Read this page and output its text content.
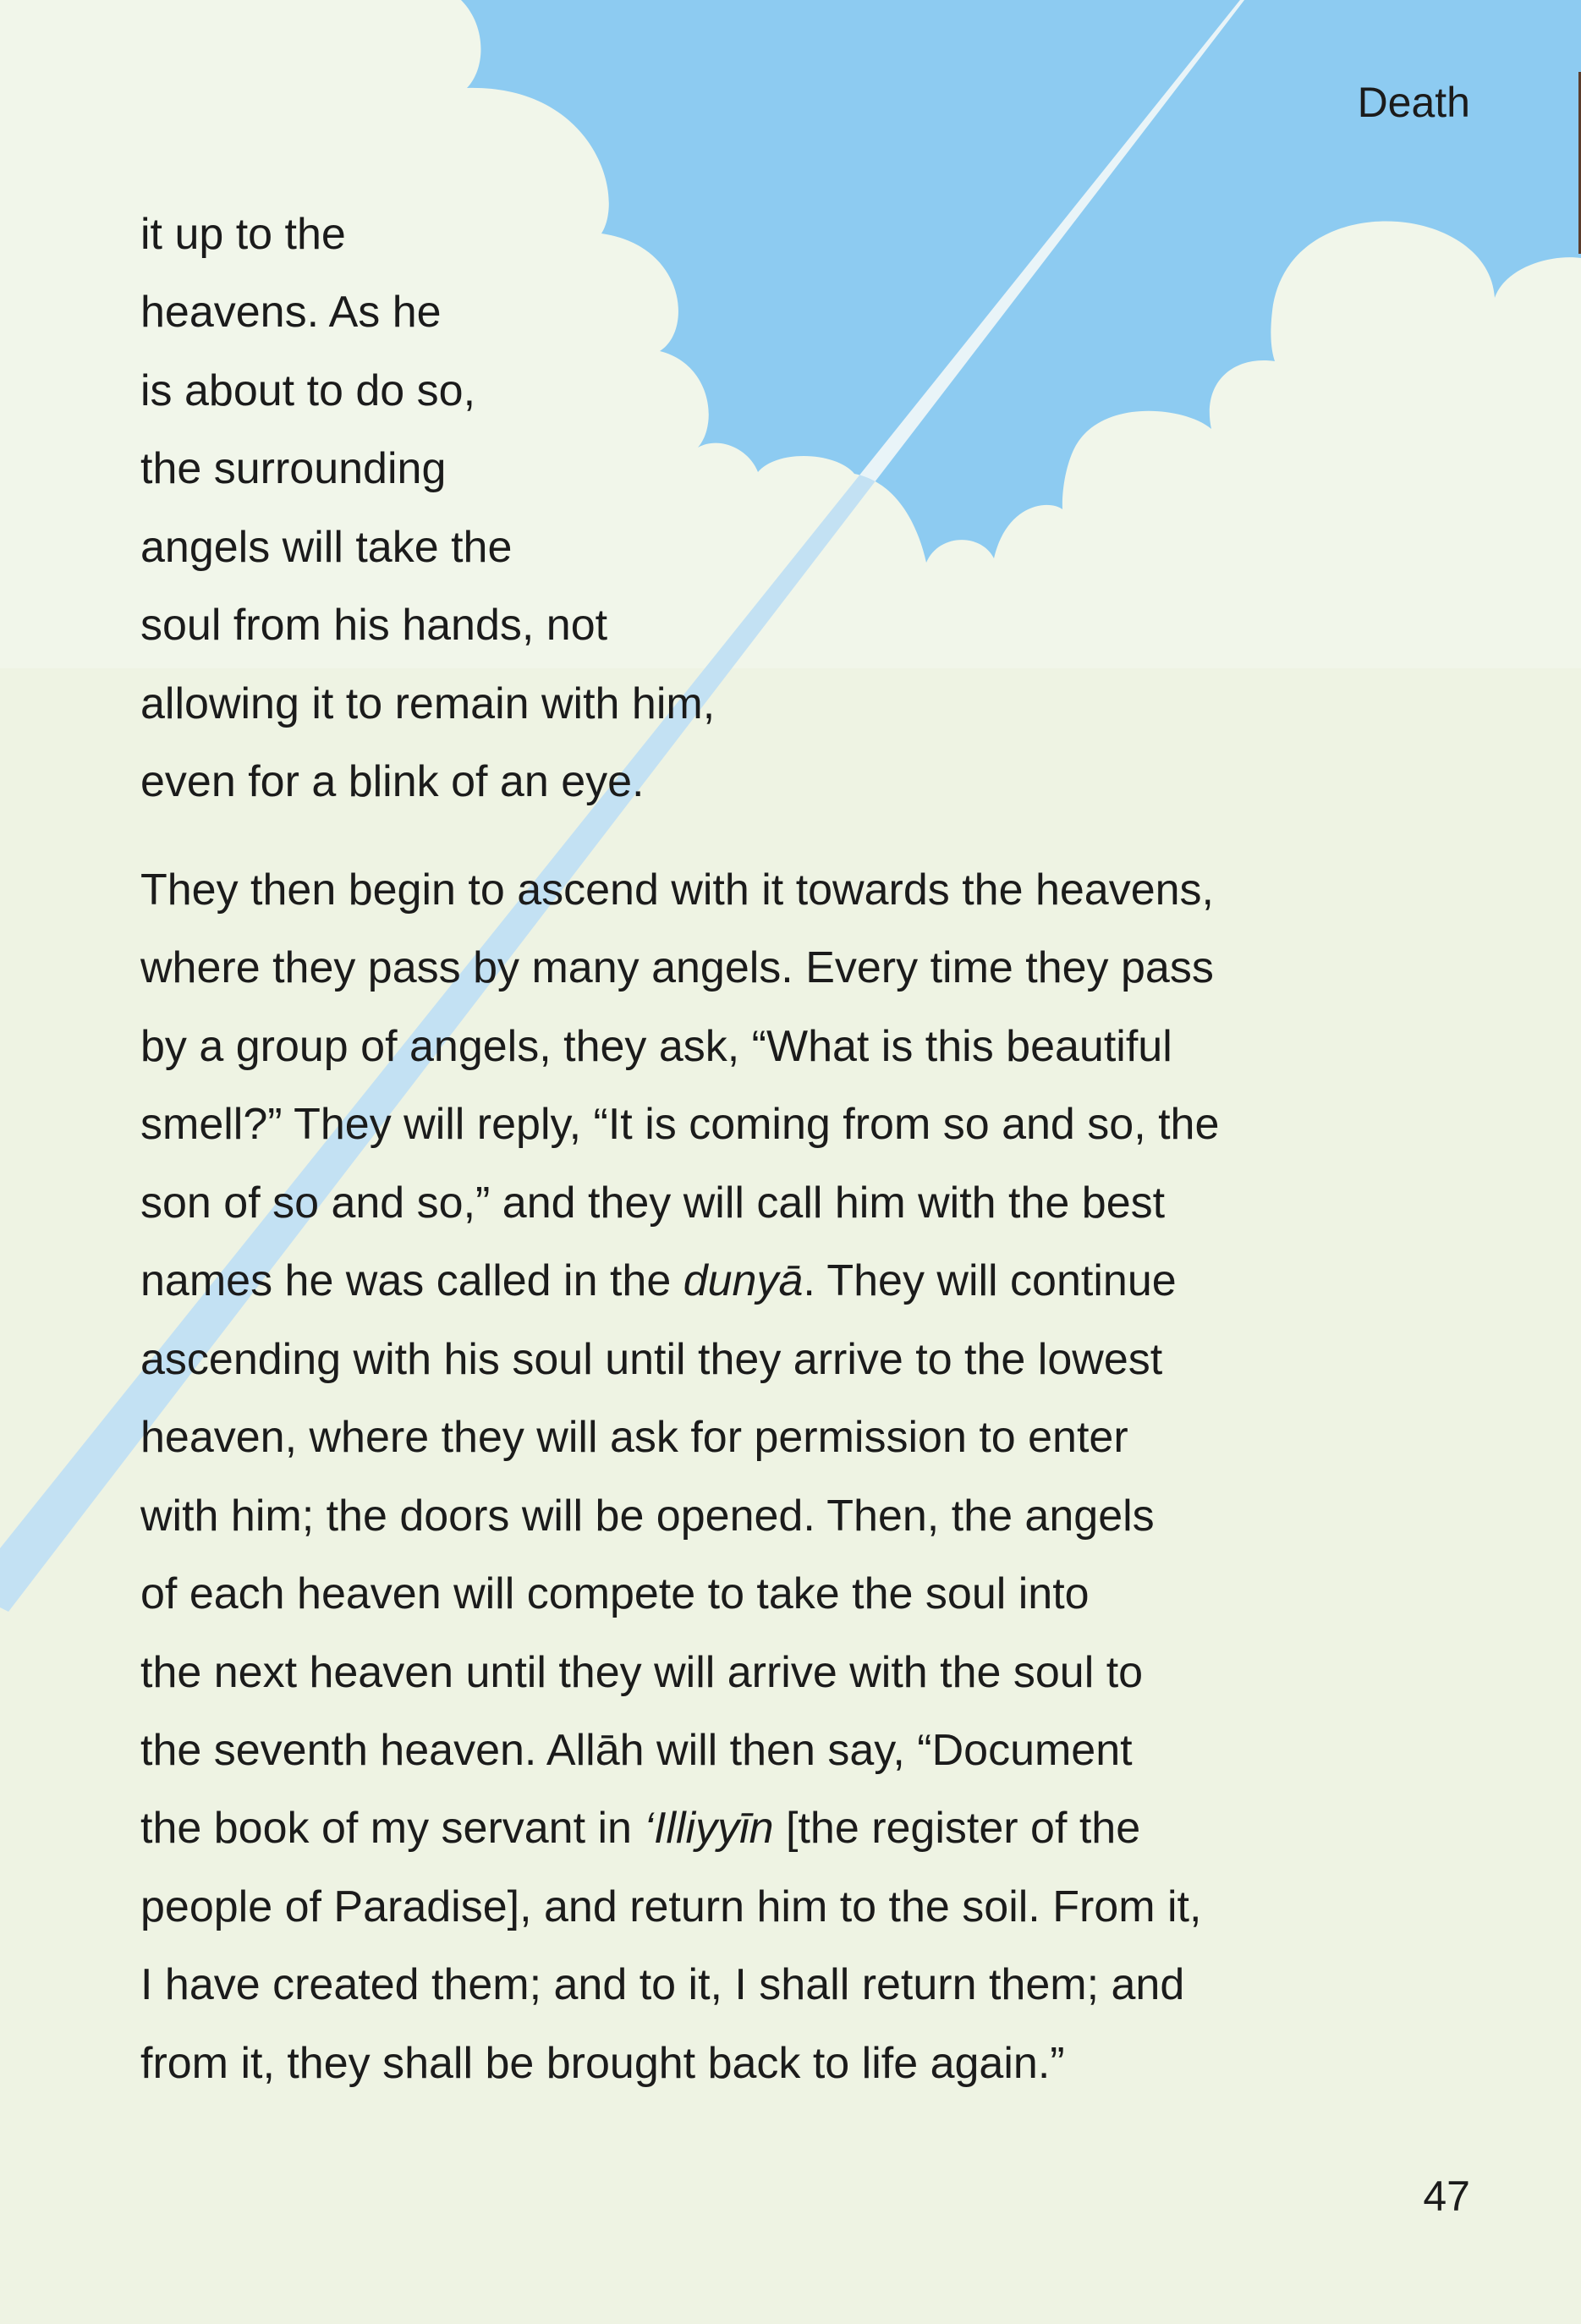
Death
it up to the
heavens. As he
is about to do so,
the surrounding
angels will take the
soul from his hands, not
allowing it to remain with him,
even for a blink of an eye.
They then begin to ascend with it towards the heavens,
where they pass by many angels. Every time they pass
by a group of angels, they ask, “What is this beautiful
smell?” They will reply, “It is coming from so and so, the
son of so and so,” and they will call him with the best
names he was called in the dunyā. They will continue
ascending with his soul until they arrive to the lowest
heaven, where they will ask for permission to enter
with him; the doors will be opened. Then, the angels
of each heaven will compete to take the soul into
the next heaven until they will arrive with the soul to
the seventh heaven. Allāh will then say, “Document
the book of my servant in ‘Illiyyīn [the register of the
people of Paradise], and return him to the soil. From it,
I have created them; and to it, I shall return them; and
from it, they shall be brought back to life again.”
47
